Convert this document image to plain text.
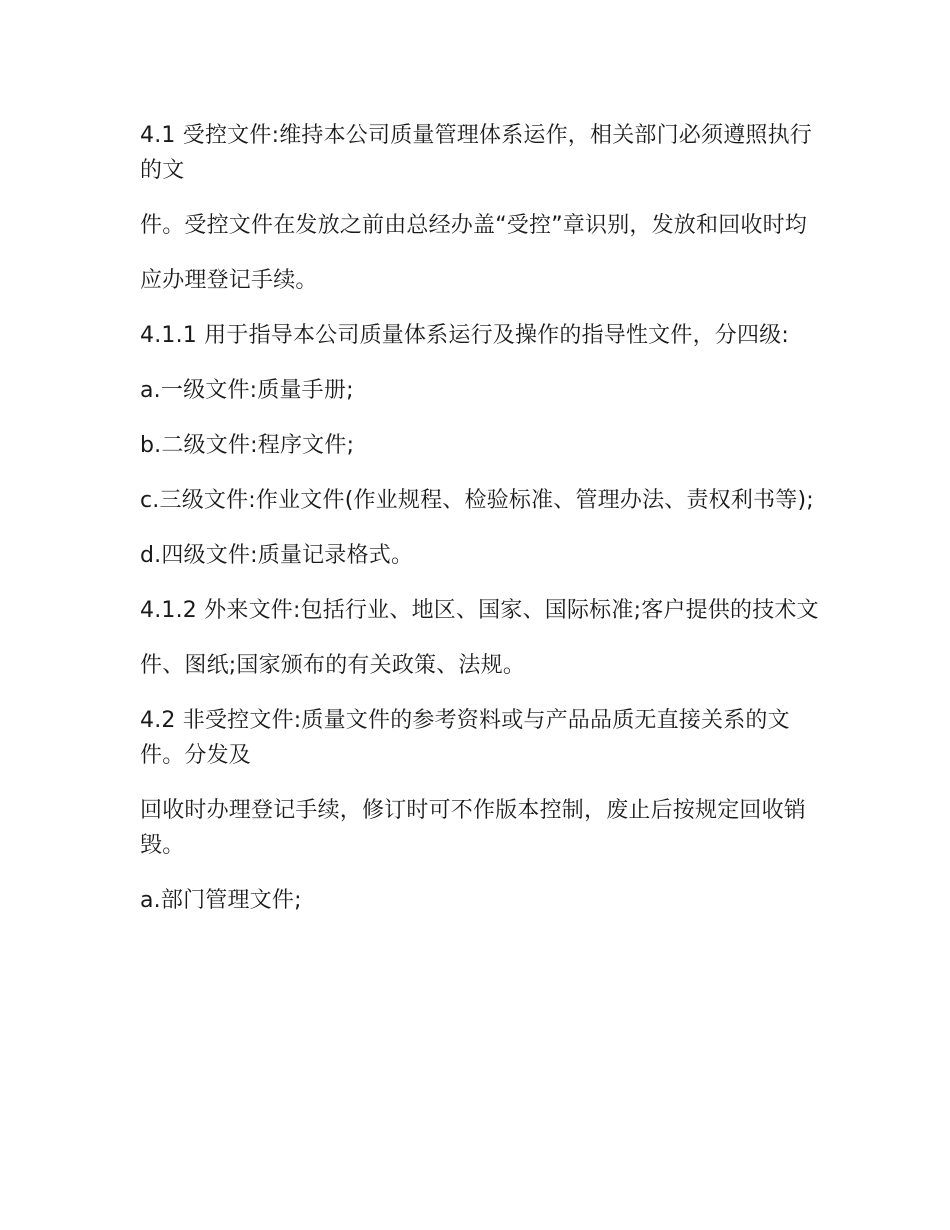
4.1 受控文件:维持本公司质量管理体系运作，相关部门必须遵照执行的文

件。受控文件在发放之前由总经办盖“受控”章识别，发放和回收时均

应办理登记手续。

4.1.1 用于指导本公司质量体系运行及操作的指导性文件，分四级:

a.一级文件:质量手册;

b.二级文件:程序文件;

c.三级文件:作业文件(作业规程、检验标准、管理办法、责权利书等);

d.四级文件:质量记录格式。

4.1.2 外来文件:包括行业、地区、国家、国际标准;客户提供的技术文

件、图纸;国家颁布的有关政策、法规。

4.2 非受控文件:质量文件的参考资料或与产品品质无直接关系的文件。分发及

回收时办理登记手续，修订时可不作版本控制，废止后按规定回收销毁。

a.部门管理文件;
